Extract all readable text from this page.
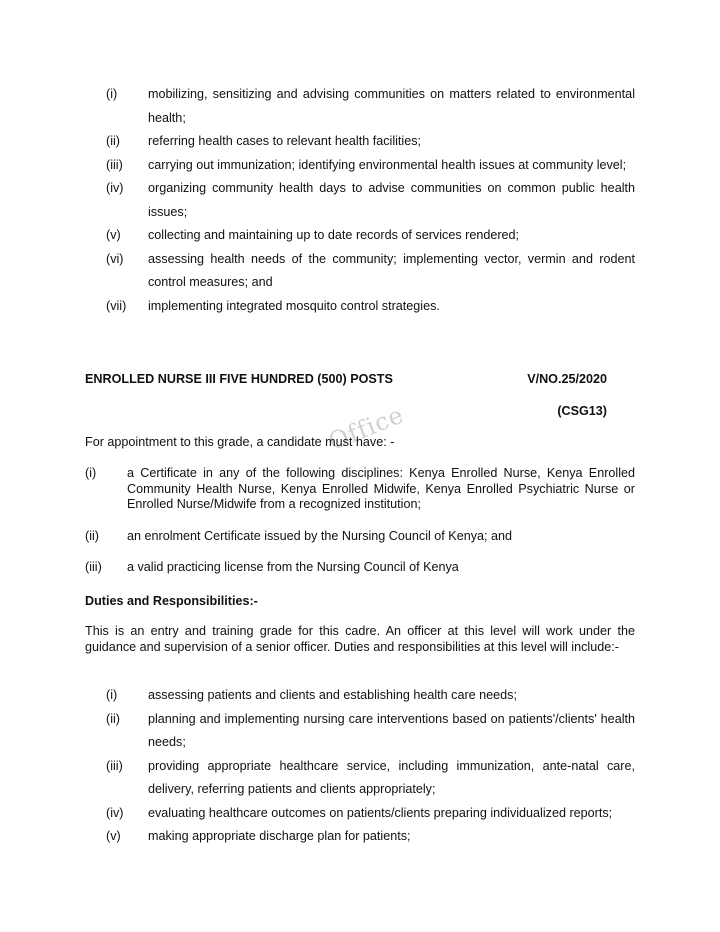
(i)	mobilizing, sensitizing and advising communities on matters related to environmental health;
(ii)	referring health cases to relevant health facilities;
(iii)	carrying out immunization; identifying environmental health issues at community level;
(iv)	organizing community health days to advise communities on common public health issues;
(v)	collecting and maintaining up to date records of services rendered;
(vi)	assessing health needs of the community; implementing vector, vermin and rodent control measures; and
(vii)	implementing integrated mosquito control strategies.
ENROLLED NURSE III FIVE HUNDRED (500) POSTS	V/NO.25/2020
(CSG13)
Office
For appointment to this grade, a candidate must have: -
(i)	a Certificate in any of the following disciplines: Kenya Enrolled Nurse, Kenya Enrolled Community Health Nurse, Kenya Enrolled Midwife, Kenya Enrolled Psychiatric Nurse or Enrolled Nurse/Midwife from a recognized institution;
(ii)	an enrolment Certificate issued by the Nursing Council of Kenya; and
(iii)	a valid practicing license from the Nursing Council of Kenya
Duties and Responsibilities:-
This is an entry and training grade for this cadre. An officer at this level will work under the guidance and supervision of a senior officer. Duties and responsibilities at this level will include:-
(i)	assessing patients and clients and establishing health care needs;
(ii)	planning and implementing nursing care interventions based on patients'/clients' health needs;
(iii)	providing appropriate healthcare service, including immunization, ante-natal care, delivery, referring patients and clients appropriately;
(iv)	evaluating healthcare outcomes on patients/clients preparing individualized reports;
(v)	making appropriate discharge plan for patients;
